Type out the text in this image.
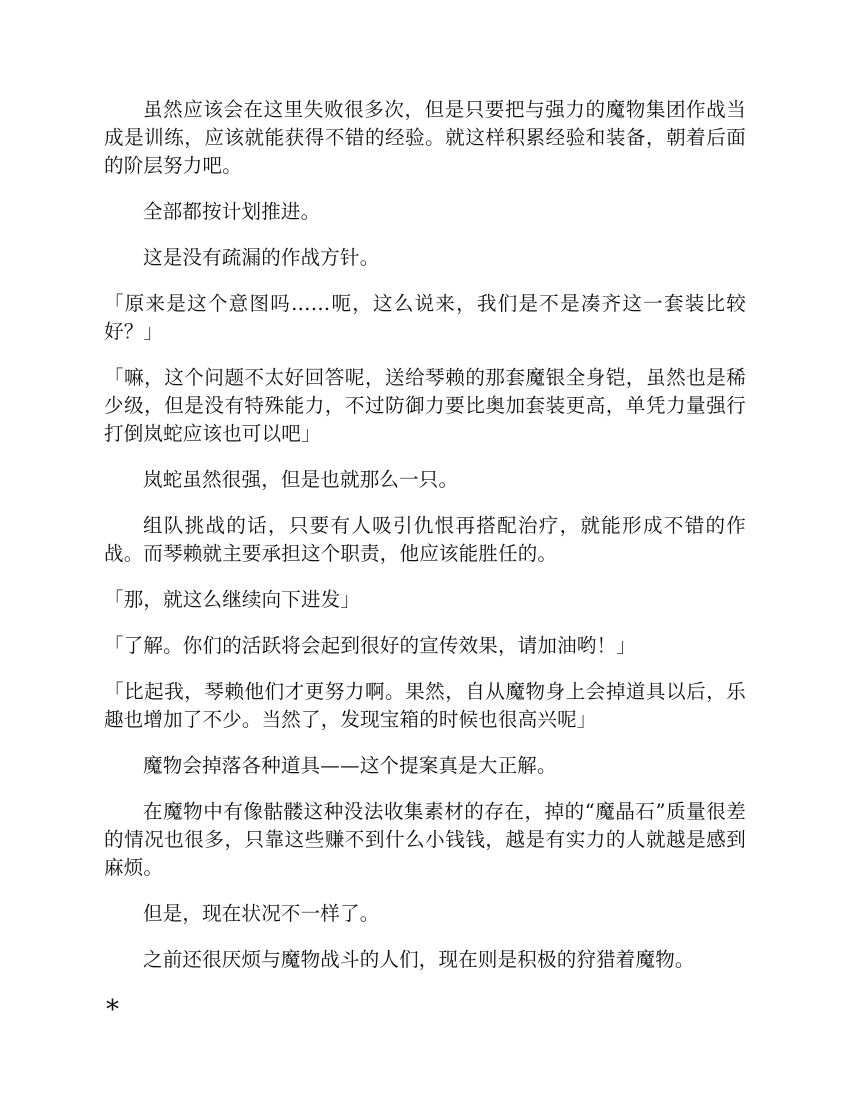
虽然应该会在这里失败很多次，但是只要把与强力的魔物集团作战当成是训练，应该就能获得不错的经验。就这样积累经验和装备，朝着后面的阶层努力吧。

全部都按计划推进。

这是没有疏漏的作战方针。

「原来是这个意图吗……呃，这么说来，我们是不是凑齐这一套装比较好？」

「嘛，这个问题不太好回答呢，送给琴赖的那套魔银全身铠，虽然也是稀少级，但是没有特殊能力，不过防御力要比奥加套装更高，单凭力量强行打倒岚蛇应该也可以吧」

岚蛇虽然很强，但是也就那么一只。

组队挑战的话，只要有人吸引仇恨再搭配治疗，就能形成不错的作战。而琴赖就主要承担这个职责，他应该能胜任的。

「那，就这么继续向下进发」

「了解。你们的活跃将会起到很好的宣传效果，请加油哟！」

「比起我，琴赖他们才更努力啊。果然，自从魔物身上会掉道具以后，乐趣也增加了不少。当然了，发现宝箱的时候也很高兴呢」

魔物会掉落各种道具——这个提案真是大正解。

在魔物中有像骷髅这种没法收集素材的存在，掉的“魔晶石”质量很差的情况也很多，只靠这些赚不到什么小钱钱，越是有实力的人就越是感到麻烦。

但是，现在状况不一样了。

之前还很厌烦与魔物战斗的人们，现在则是积极的狩猎着魔物。

*
